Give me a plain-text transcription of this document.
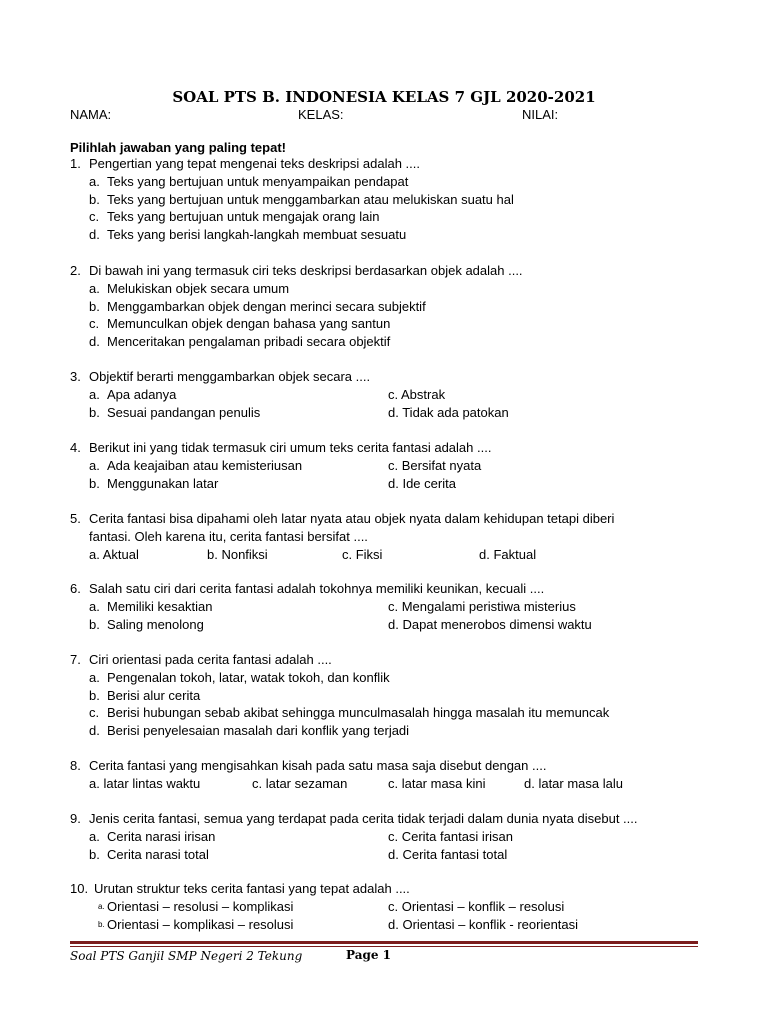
SOAL PTS B. INDONESIA KELAS 7 GJL 2020-2021
NAMA:	KELAS:	NILAI:
Pilihlah jawaban yang paling tepat!
1. Pengertian yang tepat mengenai teks deskripsi adalah ....
a. Teks yang bertujuan untuk menyampaikan pendapat
b. Teks yang bertujuan untuk menggambarkan atau melukiskan suatu hal
c. Teks yang bertujuan untuk mengajak orang lain
d. Teks yang berisi langkah-langkah membuat sesuatu
2. Di bawah ini yang termasuk ciri teks deskripsi berdasarkan objek adalah ....
a. Melukiskan objek secara umum
b. Menggambarkan objek dengan merinci secara subjektif
c. Memunculkan objek dengan bahasa yang santun
d. Menceritakan pengalaman pribadi secara objektif
3. Objektif berarti menggambarkan objek secara ....
a. Apa adanya	c. Abstrak
b. Sesuai pandangan penulis	d. Tidak ada patokan
4. Berikut ini yang tidak termasuk ciri umum teks cerita fantasi adalah ....
a. Ada keajaiban atau kemisteriusan	c. Bersifat nyata
b. Menggunakan latar	d. Ide cerita
5. Cerita fantasi bisa dipahami oleh latar nyata atau objek nyata dalam kehidupan tetapi diberi
fantasi. Oleh karena itu, cerita fantasi bersifat ....
a. Aktual	b. Nonfiksi	c. Fiksi	d. Faktual
6. Salah satu ciri dari cerita fantasi adalah tokohnya memiliki keunikan, kecuali ....
a. Memiliki kesaktian	c. Mengalami peristiwa misterius
b. Saling menolong	d. Dapat menerobos dimensi waktu
7. Ciri orientasi pada cerita fantasi adalah ....
a. Pengenalan tokoh, latar, watak tokoh, dan konflik
b. Berisi alur cerita
c. Berisi hubungan sebab akibat sehingga munculmasalah hingga masalah itu memuncak
d. Berisi penyelesaian masalah dari konflik yang terjadi
8. Cerita fantasi yang mengisahkan kisah pada satu masa saja disebut dengan ....
a. latar lintas waktu	c. latar sezaman	c. latar masa kini	d. latar masa lalu
9. Jenis cerita fantasi, semua yang terdapat pada cerita tidak terjadi dalam dunia nyata disebut ....
a. Cerita narasi irisan	c. Cerita fantasi irisan
b. Cerita narasi total	d. Cerita fantasi total
10. Urutan struktur teks cerita fantasi yang tepat adalah ....
a. Orientasi – resolusi – komplikasi	c. Orientasi – konflik – resolusi
b. Orientasi – komplikasi – resolusi	d. Orientasi – konflik - reorientasi
Soal PTS Ganjil SMP Negeri 2 Tekung	Page 1
